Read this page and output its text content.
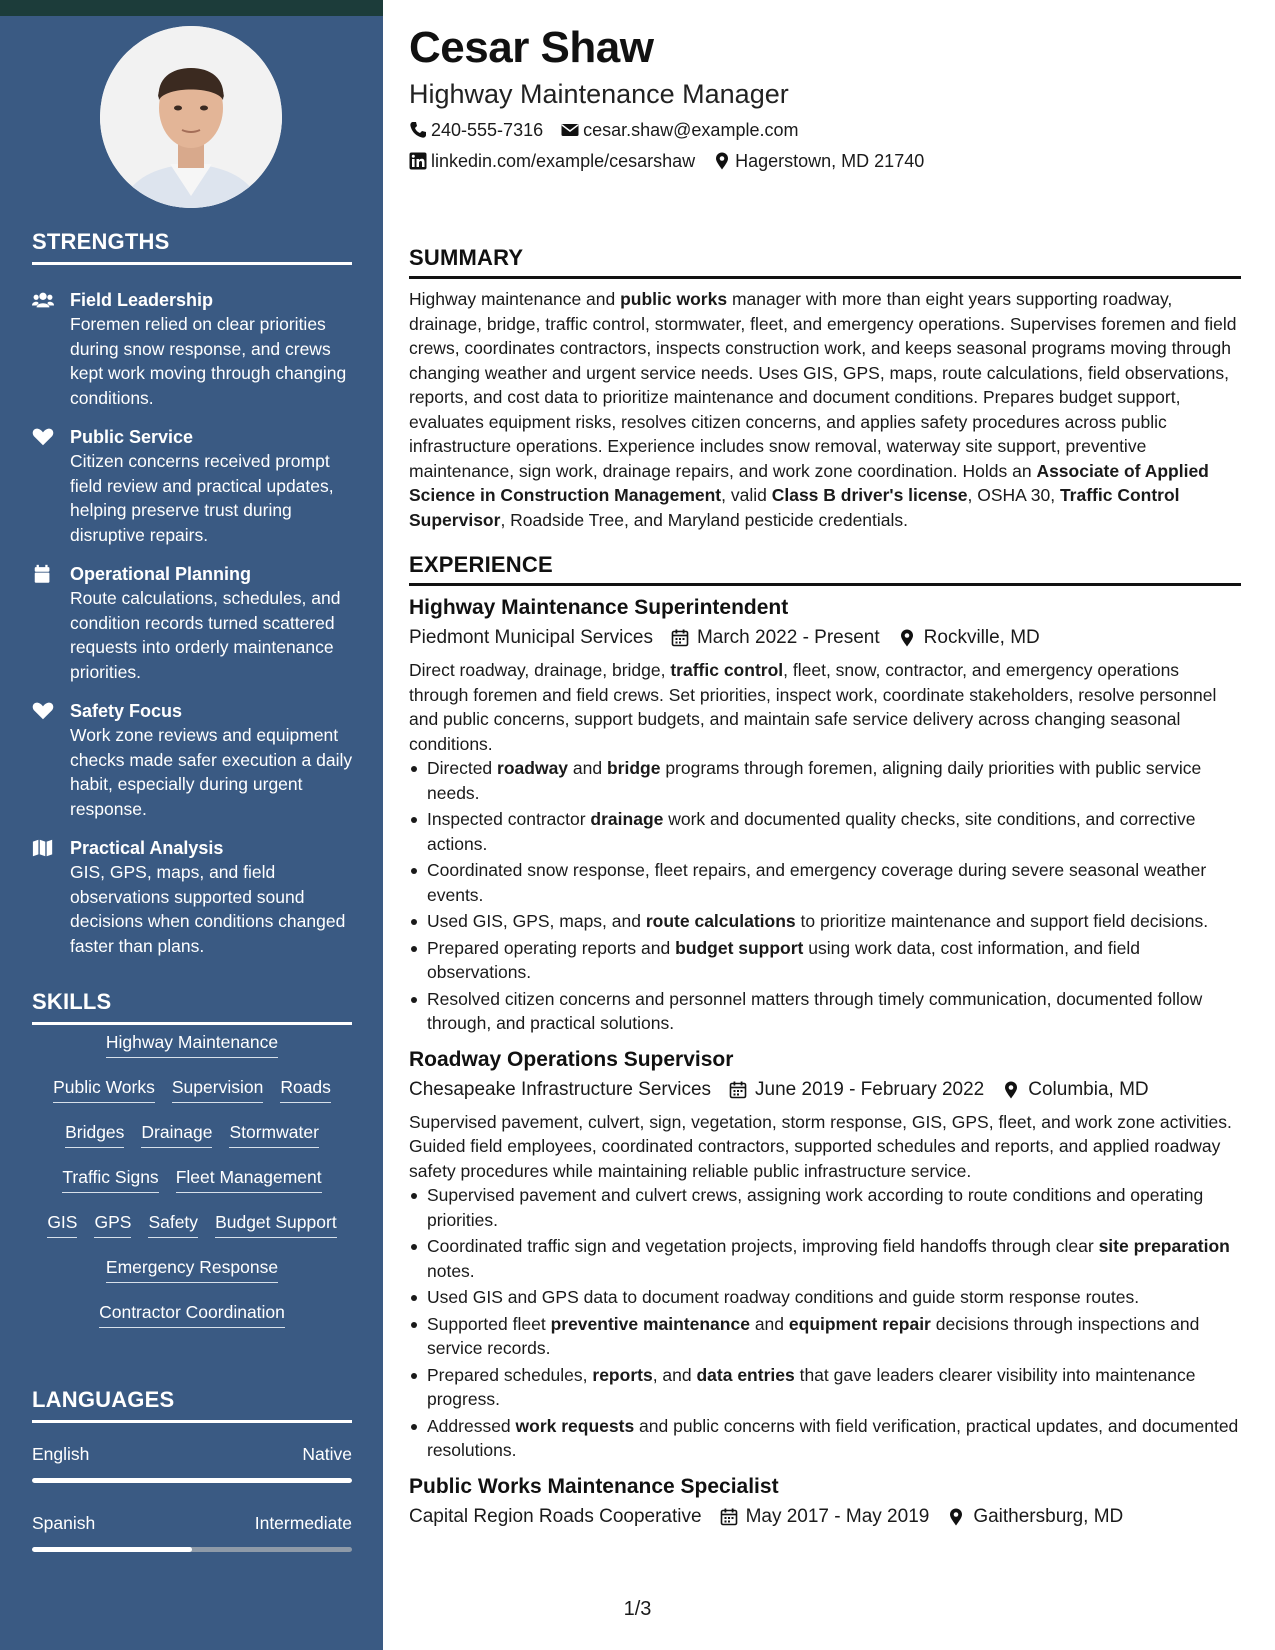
STRENGTHS
Field Leadership
Foremen relied on clear priorities during snow response, and crews kept work moving through changing conditions.
Public Service
Citizen concerns received prompt field review and practical updates, helping preserve trust during disruptive repairs.
Operational Planning
Route calculations, schedules, and condition records turned scattered requests into orderly maintenance priorities.
Safety Focus
Work zone reviews and equipment checks made safer execution a daily habit, especially during urgent response.
Practical Analysis
GIS, GPS, maps, and field observations supported sound decisions when conditions changed faster than plans.
SKILLS
Highway Maintenance
Public Works Supervision Roads
Bridges Drainage Stormwater
Traffic Signs Fleet Management
GIS GPS Safety Budget Support
Emergency Response
Contractor Coordination
LANGUAGES
English	Native
Spanish	Intermediate
Cesar Shaw
Highway Maintenance Manager
240-555-7316 cesar.shaw@example.com
linkedin.com/example/cesarshaw Hagerstown, MD 21740
SUMMARY
Highway maintenance and public works manager with more than eight years supporting roadway, drainage, bridge, traffic control, stormwater, fleet, and emergency operations. Supervises foremen and field crews, coordinates contractors, inspects construction work, and keeps seasonal programs moving through changing weather and urgent service needs. Uses GIS, GPS, maps, route calculations, field observations, reports, and cost data to prioritize maintenance and document conditions. Prepares budget support, evaluates equipment risks, resolves citizen concerns, and applies safety procedures across public infrastructure operations. Experience includes snow removal, waterway site support, preventive maintenance, sign work, drainage repairs, and work zone coordination. Holds an Associate of Applied Science in Construction Management, valid Class B driver's license, OSHA 30, Traffic Control Supervisor, Roadside Tree, and Maryland pesticide credentials.
EXPERIENCE
Highway Maintenance Superintendent
Piedmont Municipal Services March 2022 - Present Rockville, MD
Direct roadway, drainage, bridge, traffic control, fleet, snow, contractor, and emergency operations through foremen and field crews. Set priorities, inspect work, coordinate stakeholders, resolve personnel and public concerns, support budgets, and maintain safe service delivery across changing seasonal conditions.
Directed roadway and bridge programs through foremen, aligning daily priorities with public service needs.
Inspected contractor drainage work and documented quality checks, site conditions, and corrective actions.
Coordinated snow response, fleet repairs, and emergency coverage during severe seasonal weather events.
Used GIS, GPS, maps, and route calculations to prioritize maintenance and support field decisions.
Prepared operating reports and budget support using work data, cost information, and field observations.
Resolved citizen concerns and personnel matters through timely communication, documented follow through, and practical solutions.
Roadway Operations Supervisor
Chesapeake Infrastructure Services June 2019 - February 2022 Columbia, MD
Supervised pavement, culvert, sign, vegetation, storm response, GIS, GPS, fleet, and work zone activities. Guided field employees, coordinated contractors, supported schedules and reports, and applied roadway safety procedures while maintaining reliable public infrastructure service.
Supervised pavement and culvert crews, assigning work according to route conditions and operating priorities.
Coordinated traffic sign and vegetation projects, improving field handoffs through clear site preparation notes.
Used GIS and GPS data to document roadway conditions and guide storm response routes.
Supported fleet preventive maintenance and equipment repair decisions through inspections and service records.
Prepared schedules, reports, and data entries that gave leaders clearer visibility into maintenance progress.
Addressed work requests and public concerns with field verification, practical updates, and documented resolutions.
Public Works Maintenance Specialist
Capital Region Roads Cooperative May 2017 - May 2019 Gaithersburg, MD
1/3
